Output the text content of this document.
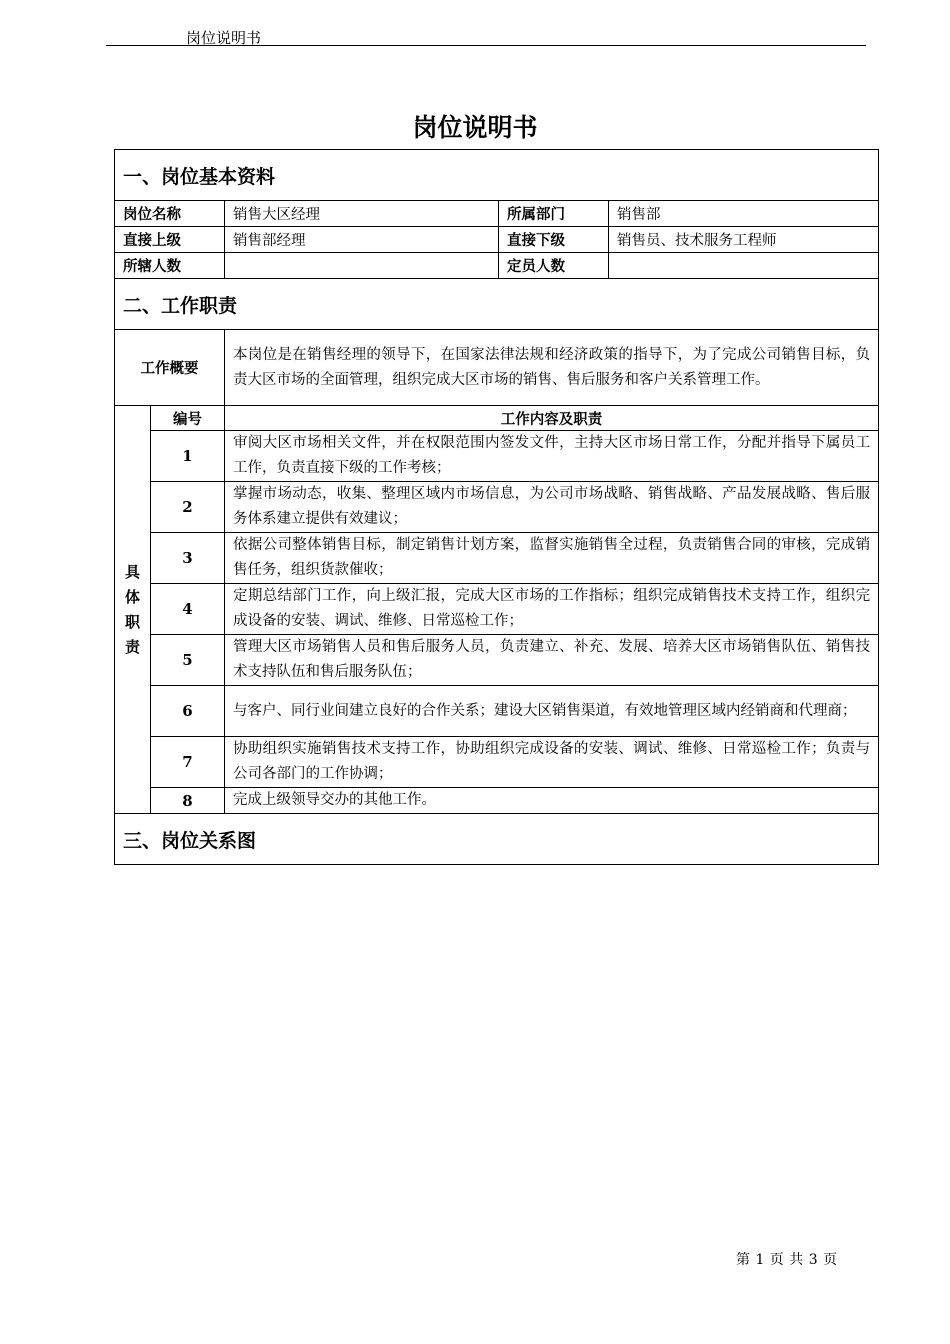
岗位说明书
岗位说明书
一、岗位基本资料				
岗位名称		销售大区经理	所属部门	销售部
直接上级		销售部经理	直接下级	销售员、技术服务工程师
所辖人数			定员人数	
二、工作职责				
工作概要		本岗位是在销售经理的领导下，在国家法律法规和经济政策的指导下，为了完成公司销售目标，负责大区市场的全面管理，组织完成大区市场的销售、售后服务和客户关系管理工作。		
具
体
职
责	编号	工作内容及职责		
	1	审阅大区市场相关文件，并在权限范围内签发文件，主持大区市场日常工作，分配并指导下属员工工作，负责直接下级的工作考核；		
	2	掌握市场动态，收集、整理区域内市场信息，为公司市场战略、销售战略、产品发展战略、售后服务体系建立提供有效建议；		
	3	依据公司整体销售目标，制定销售计划方案，监督实施销售全过程，负责销售合同的审核，完成销售任务，组织货款催收；		
	4	定期总结部门工作，向上级汇报，完成大区市场的工作指标；组织完成销售技术支持工作，组织完成设备的安装、调试、维修、日常巡检工作；		
	5	管理大区市场销售人员和售后服务人员，负责建立、补充、发展、培养大区市场销售队伍、销售技术支持队伍和售后服务队伍；		
	6	与客户、同行业间建立良好的合作关系；建设大区销售渠道，有效地管理区域内经销商和代理商；		
	7	协助组织实施销售技术支持工作，协助组织完成设备的安装、调试、维修、日常巡检工作；负责与公司各部门的工作协调；		
	8	完成上级领导交办的其他工作。		
三、岗位关系图				
第 1 页 共 3 页
